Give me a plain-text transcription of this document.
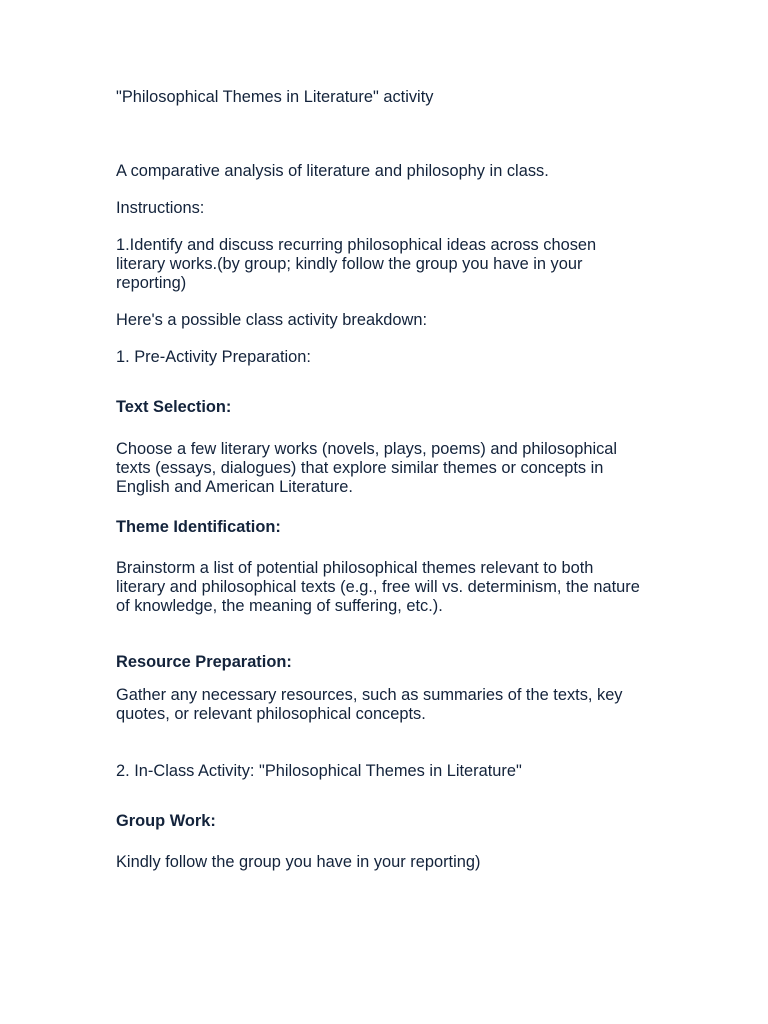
"Philosophical Themes in Literature" activity
A comparative analysis of literature and philosophy in class.
Instructions:
1.Identify and discuss recurring philosophical ideas across chosen literary works.(by group; kindly follow the group you have in your reporting)
Here's a possible class activity breakdown:
1. Pre-Activity Preparation:
Text Selection:
Choose a few literary works (novels, plays, poems) and philosophical texts (essays, dialogues) that explore similar themes or concepts in English and American Literature.
Theme Identification:
Brainstorm a list of potential philosophical themes relevant to both literary and philosophical texts (e.g., free will vs. determinism, the nature of knowledge, the meaning of suffering, etc.).
Resource Preparation:
Gather any necessary resources, such as summaries of the texts, key quotes, or relevant philosophical concepts.
2. In-Class Activity: "Philosophical Themes in Literature"
Group Work:
Kindly follow the group you have in your reporting)
